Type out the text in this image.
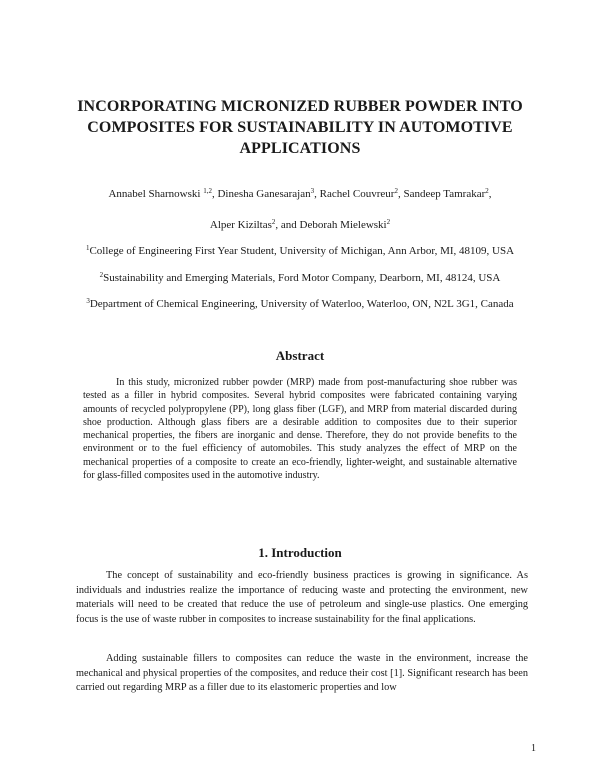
INCORPORATING MICRONIZED RUBBER POWDER INTO
COMPOSITES FOR SUSTAINABILITY IN AUTOMOTIVE
APPLICATIONS
Annabel Sharnowski $^{1,2}$, Dinesha Ganesarajan$^3$, Rachel Couvreur$^2$, Sandeep Tamrakar$^2$,
Alper Kiziltas$^2$, and Deborah Mielewski$^2$
$^1$College of Engineering First Year Student, University of Michigan, Ann Arbor, MI, 48109, USA
$^2$Sustainability and Emerging Materials, Ford Motor Company, Dearborn, MI, 48124, USA
$^3$Department of Chemical Engineering, University of Waterloo, Waterloo, ON, N2L 3G1, Canada
Abstract
In this study, micronized rubber powder (MRP) made from post-manufacturing shoe rubber was tested as a filler in hybrid composites. Several hybrid composites were fabricated containing varying amounts of recycled polypropylene (PP), long glass fiber (LGF), and MRP from material discarded during shoe production. Although glass fibers are a desirable addition to composites due to their superior mechanical properties, the fibers are inorganic and dense. Therefore, they do not provide benefits to the environment or to the fuel efficiency of automobiles. This study analyzes the effect of MRP on the mechanical properties of a composite to create an eco-friendly, lighter-weight, and sustainable alternative for glass-filled composites used in the automotive industry.
1. Introduction
The concept of sustainability and eco-friendly business practices is growing in significance. As individuals and industries realize the importance of reducing waste and protecting the environment, new materials will need to be created that reduce the use of petroleum and single-use plastics. One emerging focus is the use of waste rubber in composites to increase sustainability for the final applications.
Adding sustainable fillers to composites can reduce the waste in the environment, increase the mechanical and physical properties of the composites, and reduce their cost [1]. Significant research has been carried out regarding MRP as a filler due to its elastomeric properties and low
1
